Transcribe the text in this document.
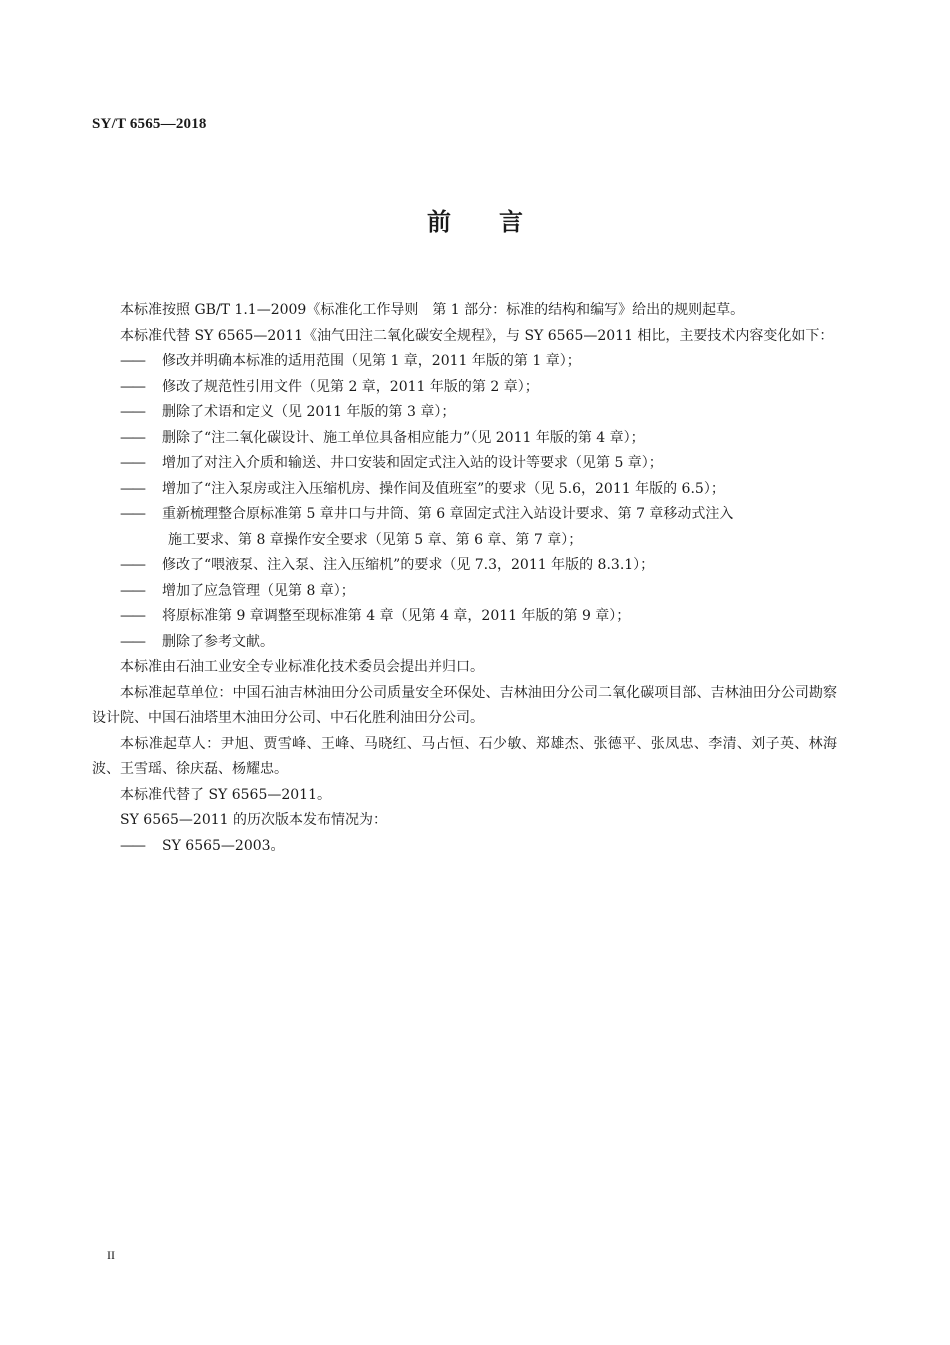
SY/T 6565—2018
前 言

本标准按照 GB/T 1.1—2009《标准化工作导则　第 1 部分：标准的结构和编写》给出的规则起草。

本标准代替 SY 6565—2011《油气田注二氧化碳安全规程》，与 SY 6565—2011 相比，主要技术内容变化如下：

—— 修改并明确本标准的适用范围（见第 1 章，2011 年版的第 1 章）；

—— 修改了规范性引用文件（见第 2 章，2011 年版的第 2 章）；

—— 删除了术语和定义（见 2011 年版的第 3 章）；

—— 删除了“注二氧化碳设计、施工单位具备相应能力”（见 2011 年版的第 4 章）；

—— 增加了对注入介质和输送、井口安装和固定式注入站的设计等要求（见第 5 章）；

—— 增加了“注入泵房或注入压缩机房、操作间及值班室”的要求（见 5.6，2011 年版的 6.5）；

—— 重新梳理整合原标准第 5 章井口与井筒、第 6 章固定式注入站设计要求、第 7 章移动式注入
施工要求、第 8 章操作安全要求（见第 5 章、第 6 章、第 7 章）；

—— 修改了“喂液泵、注入泵、注入压缩机”的要求（见 7.3，2011 年版的 8.3.1）；

—— 增加了应急管理（见第 8 章）；

—— 将原标准第 9 章调整至现标准第 4 章（见第 4 章，2011 年版的第 9 章）；

—— 删除了参考文献。

本标准由石油工业安全专业标准化技术委员会提出并归口。

本标准起草单位：中国石油吉林油田分公司质量安全环保处、吉林油田分公司二氧化碳项目部、吉林油田分公司勘察设计院、中国石油塔里木油田分公司、中石化胜利油田分公司。

本标准起草人：尹旭、贾雪峰、王峰、马晓红、马占恒、石少敏、郑雄杰、张德平、张凤忠、李清、刘子英、林海波、王雪瑶、徐庆磊、杨耀忠。

本标准代替了 SY 6565—2011。

SY 6565—2011 的历次版本发布情况为：

—— SY 6565—2003。

II
